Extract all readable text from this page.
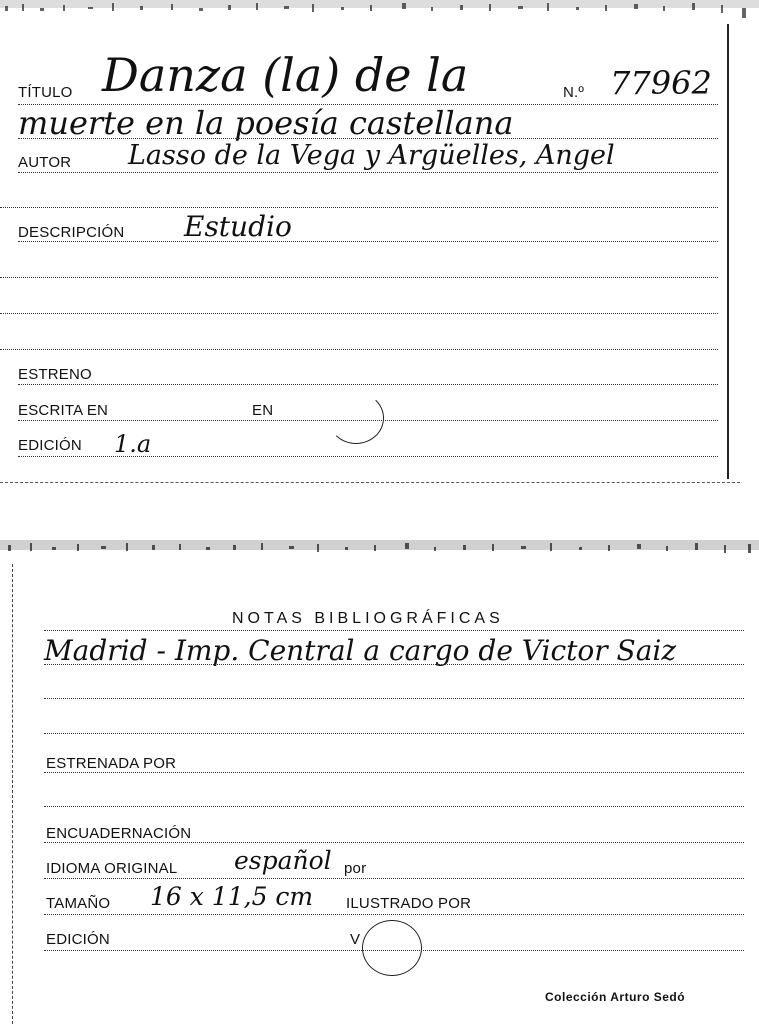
TÍTULO Danza (la) de la	N.º 77962
muerte en la poesía castellana
AUTOR Lasso de la Vega y Argüelles, Angel
DESCRIPCIÓN Estudio
ESTRENO
ESCRITA EN	EN
EDICIÓN 1.a
NOTAS BIBLIOGRÁFICAS
Madrid - Imp. Central a cargo de Victor Saiz
ESTRENADA POR
ENCUADERNACIÓN
IDIOMA ORIGINAL español por
TAMAÑO 16 x 11,5 cm ILUSTRADO POR
EDICIÓN	V
Colección Arturo Sedó
